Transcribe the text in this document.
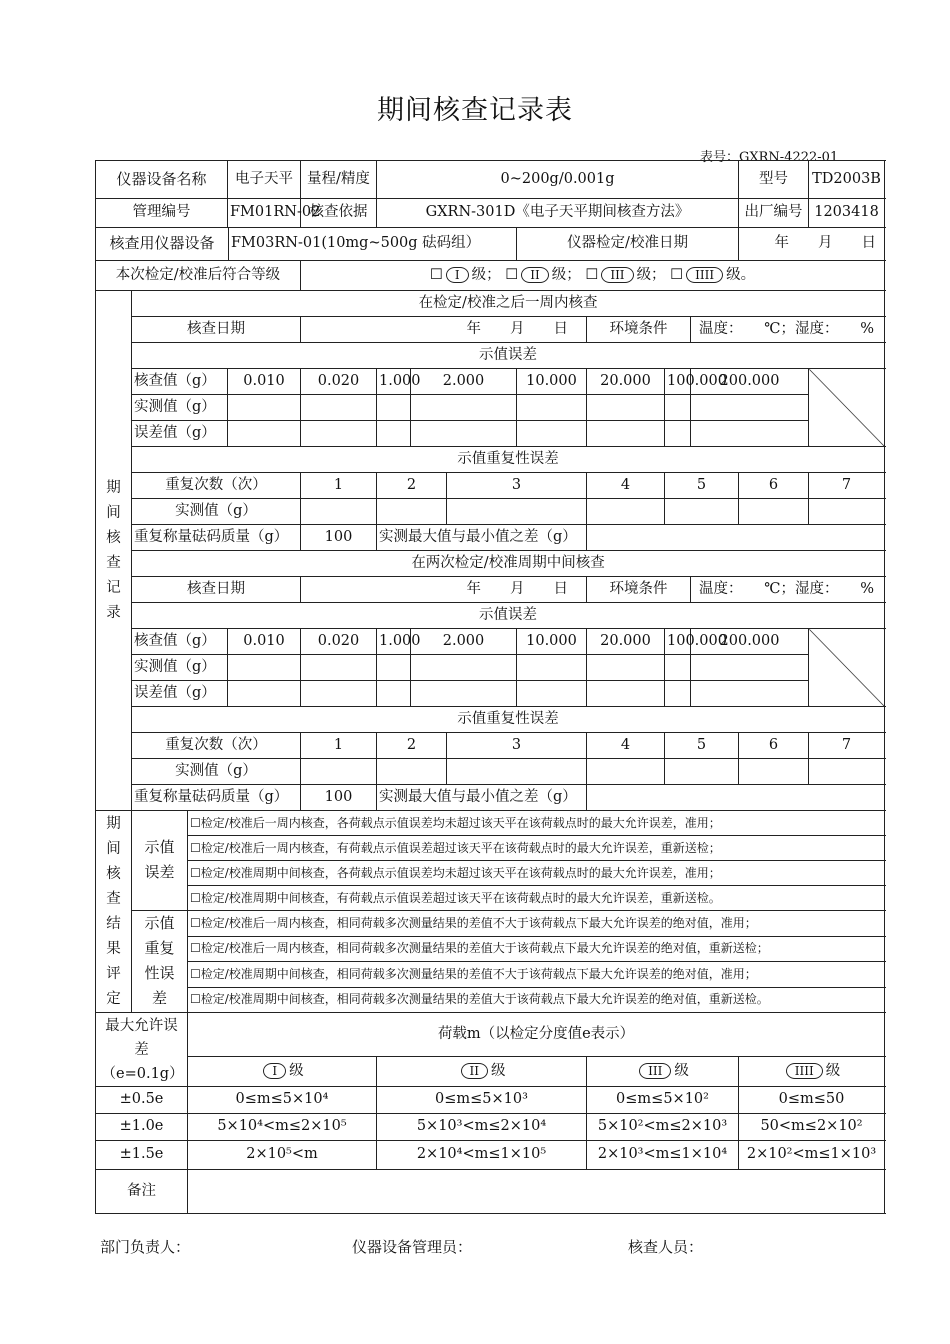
期间核查记录表
表号：GXRN-4222-01
仪器设备名称			电子天平	量程/精度	0~200g/0.001g							型号	TD2003B
管理编号			FM01RN-02	核查依据	GXRN-301D《电子天平期间核查方法》							出厂编号	1203418
核查用仪器设备			FM03RN-01(10mg~500g 砝码组）					仪器检定/校准日期				年　　月　　日	
本次检定/校准后符合等级				☐ I 级； ☐ II 级； ☐ III 级； ☐ IIII 级。									
期间核查记录	在检定/校准之后一周内核查												
	核查日期			年　　月　　日					环境条件		温度：　　℃；湿度：　　%		
	示值误差												
	核查值（g）		0.010	0.020	1.000	2.000		10.000	20.000	100.000	200.000		
	实测值（g）												
	误差值（g）												
	示值重复性误差												
	重复次数（次）			1	2		3		4	5		6	7
	实测值（g）												
	重复称量砝码质量（g）			100	实测最大值与最小值之差（g）								
	在两次检定/校准周期中间核查												
	核查日期			年　　月　　日					环境条件		温度：　　℃；湿度：　　%		
	示值误差												
	核查值（g）		0.010	0.020	1.000	2.000		10.000	20.000	100.000	200.000		
	实测值（g）												
	误差值（g）												
	示值重复性误差												
	重复次数（次）			1	2		3		4	5		6	7
	实测值（g）												
	重复称量砝码质量（g）			100	实测最大值与最小值之差（g）								
期间核查结果评定	示值误差	☐检定/校准后一周内核查，各荷载点示值误差均未超过该天平在该荷载点时的最大允许误差，准用；											
		☐检定/校准后一周内核查，有荷载点示值误差超过该天平在该荷载点时的最大允许误差，重新送检；											
		☐检定/校准周期中间核查，各荷载点示值误差均未超过该天平在该荷载点时的最大允许误差，准用；											
		☐检定/校准周期中间核查，有荷载点示值误差超过该天平在该荷载点时的最大允许误差，重新送检。											
	示值重复性误差	☐检定/校准后一周内核查，相同荷载多次测量结果的差值不大于该荷载点下最大允许误差的绝对值，准用；											
		☐检定/校准后一周内核查，相同荷载多次测量结果的差值大于该荷载点下最大允许误差的绝对值，重新送检；											
		☐检定/校准周期中间核查，相同荷载多次测量结果的差值不大于该荷载点下最大允许误差的绝对值，准用；											
		☐检定/校准周期中间核查，相同荷载多次测量结果的差值大于该荷载点下最大允许误差的绝对值，重新送检。											
最大允许误差（e=0.1g）		荷载m（以检定分度值e表示）											
		I 级			II 级				III 级			IIII 级	
±0.5e		0≤m≤5×10⁴			0≤m≤5×10³				0≤m≤5×10²			0≤m≤50	
±1.0e		5×10⁴<m≤2×10⁵			5×10³<m≤2×10⁴				5×10²<m≤2×10³			50<m≤2×10²	
±1.5e		2×10⁵<m			2×10⁴<m≤1×10⁵				2×10³<m≤1×10⁴			2×10²<m≤1×10³	
备注													
部门负责人：	仪器设备管理员：	核查人员：
